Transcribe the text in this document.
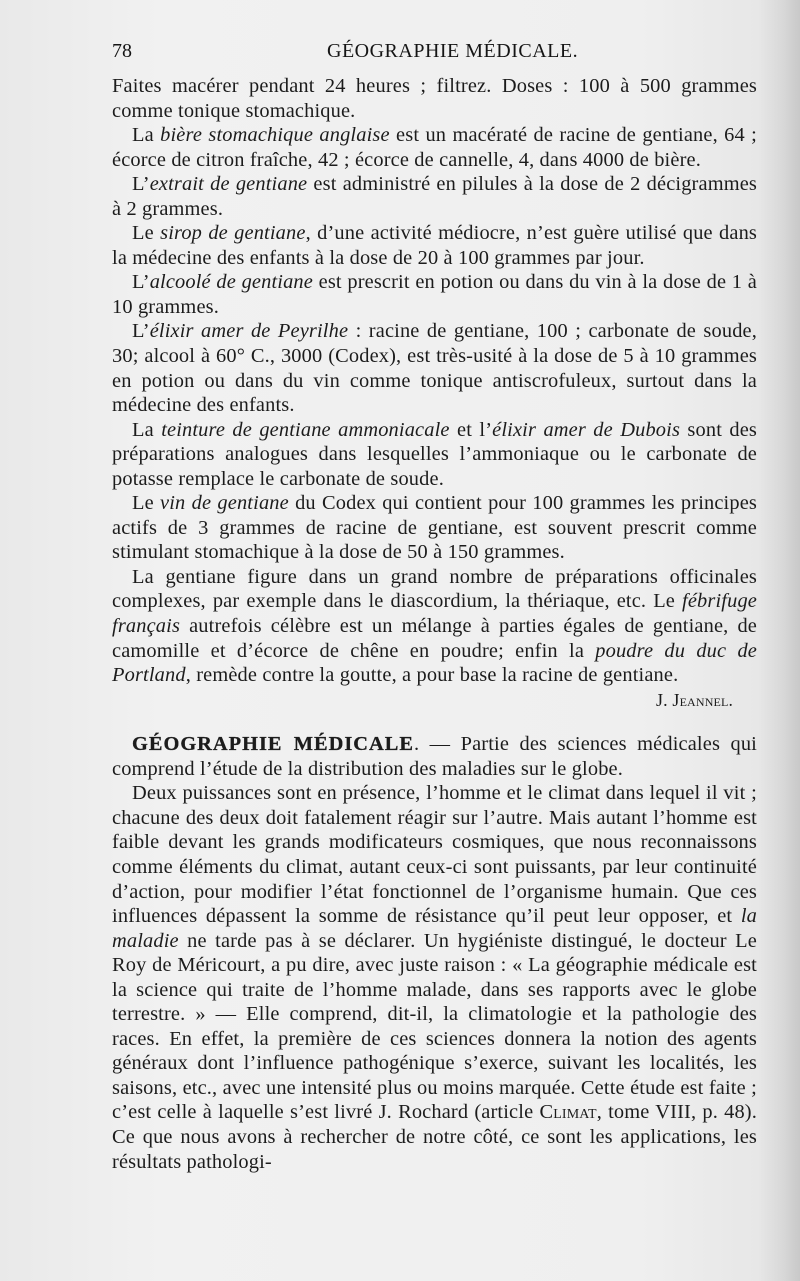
78	GÉOGRAPHIE MÉDICALE.

Faites macérer pendant 24 heures ; filtrez. Doses : 100 à 500 grammes comme tonique stomachique.

La bière stomachique anglaise est un macératé de racine de gentiane, 64 ; écorce de citron fraîche, 42 ; écorce de cannelle, 4, dans 4000 de bière.

L’extrait de gentiane est administré en pilules à la dose de 2 décigrammes à 2 grammes.

Le sirop de gentiane, d’une activité médiocre, n’est guère utilisé que dans la médecine des enfants à la dose de 20 à 100 grammes par jour.

L’alcoolé de gentiane est prescrit en potion ou dans du vin à la dose de 1 à 10 grammes.

L’élixir amer de Peyrilhe : racine de gentiane, 100 ; carbonate de soude, 30; alcool à 60° C., 3000 (Codex), est très-usité à la dose de 5 à 10 grammes en potion ou dans du vin comme tonique antiscrofuleux, surtout dans la médecine des enfants.

La teinture de gentiane ammoniacale et l’élixir amer de Dubois sont des préparations analogues dans lesquelles l’ammoniaque ou le carbonate de potasse remplace le carbonate de soude.

Le vin de gentiane du Codex qui contient pour 100 grammes les principes actifs de 3 grammes de racine de gentiane, est souvent prescrit comme stimulant stomachique à la dose de 50 à 150 grammes.

La gentiane figure dans un grand nombre de préparations officinales complexes, par exemple dans le diascordium, la thériaque, etc. Le fébrifuge français autrefois célèbre est un mélange à parties égales de gentiane, de camomille et d’écorce de chêne en poudre; enfin la poudre du duc de Portland, remède contre la goutte, a pour base la racine de gentiane.

J. Jeannel.

GÉOGRAPHIE MÉDICALE. — Partie des sciences médicales qui comprend l’étude de la distribution des maladies sur le globe.

Deux puissances sont en présence, l’homme et le climat dans lequel il vit ; chacune des deux doit fatalement réagir sur l’autre. Mais autant l’homme est faible devant les grands modificateurs cosmiques, que nous reconnaissons comme éléments du climat, autant ceux-ci sont puissants, par leur continuité d’action, pour modifier l’état fonctionnel de l’organisme humain. Que ces influences dépassent la somme de résistance qu’il peut leur opposer, et la maladie ne tarde pas à se déclarer. Un hygiéniste distingué, le docteur Le Roy de Méricourt, a pu dire, avec juste raison : « La géographie médicale est la science qui traite de l’homme malade, dans ses rapports avec le globe terrestre. » — Elle comprend, dit-il, la climatologie et la pathologie des races. En effet, la première de ces sciences donnera la notion des agents généraux dont l’influence pathogénique s’exerce, suivant les localités, les saisons, etc., avec une intensité plus ou moins marquée. Cette étude est faite ; c’est celle à laquelle s’est livré J. Rochard (article Climat, tome VIII, p. 48). Ce que nous avons à rechercher de notre côté, ce sont les applications, les résultats pathologi-
